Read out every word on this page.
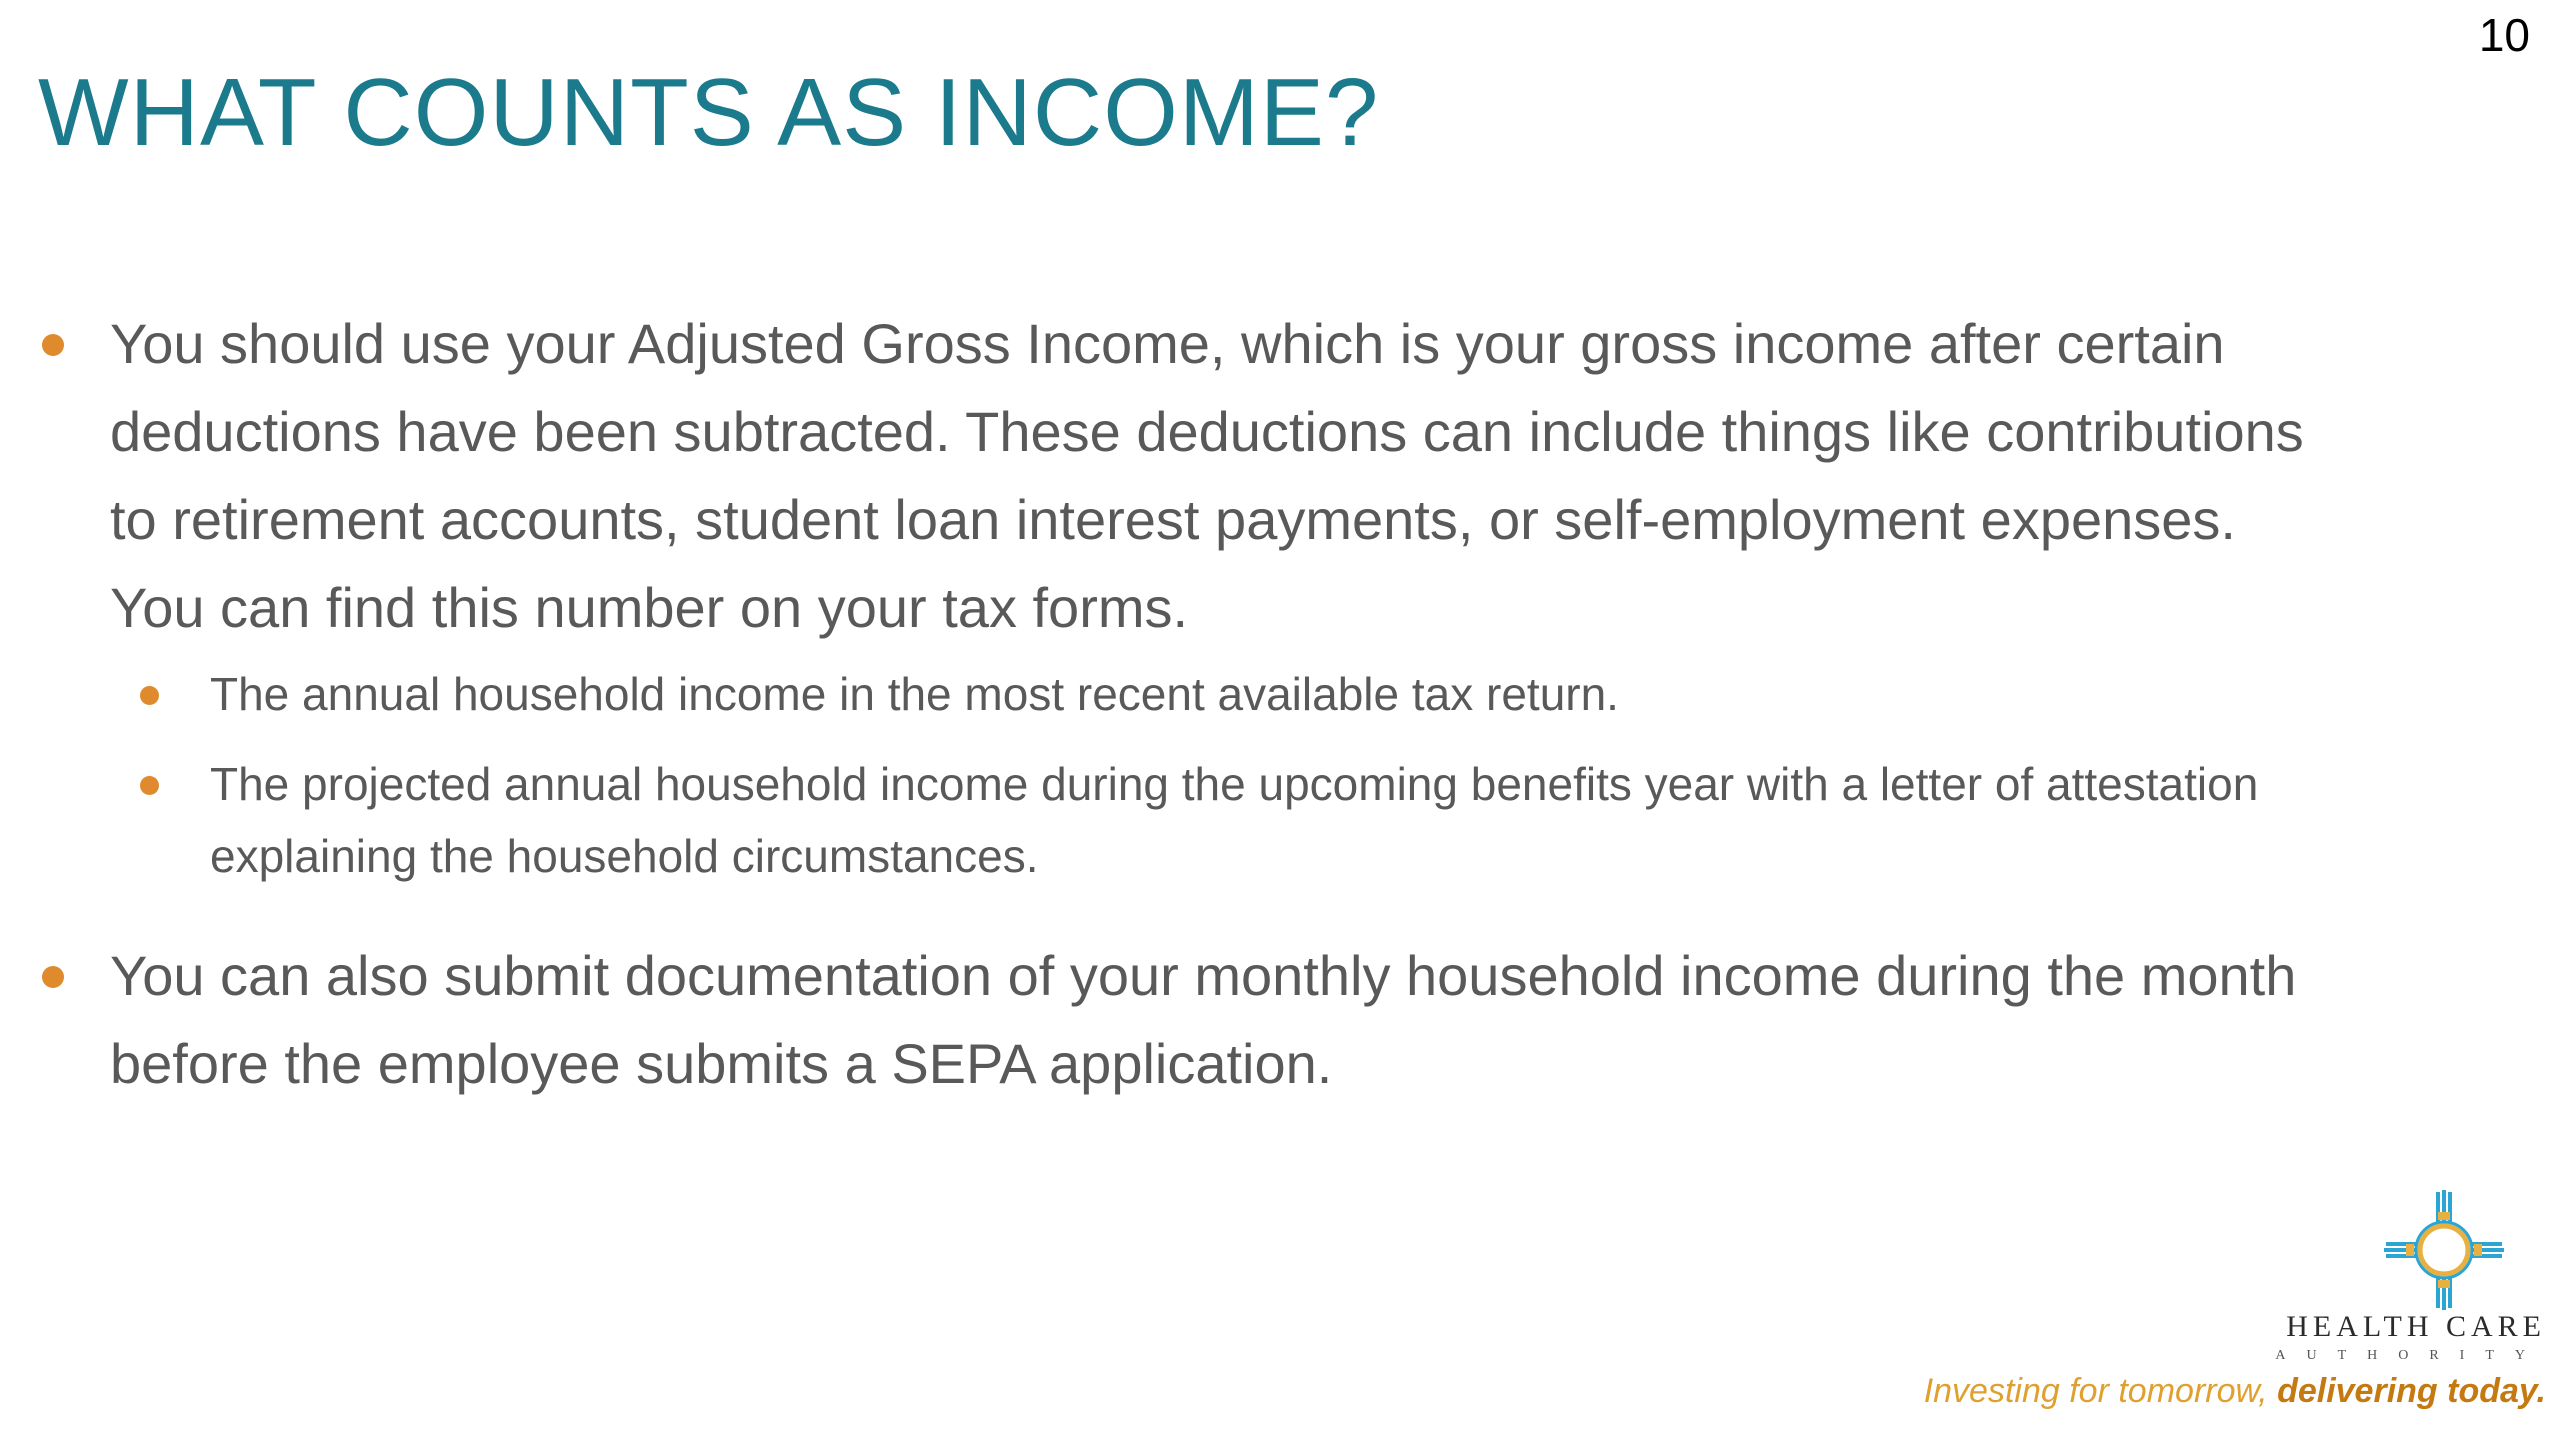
10
WHAT COUNTS AS INCOME?
You should use your Adjusted Gross Income, which is your gross income after certain deductions have been subtracted. These deductions can include things like contributions to retirement accounts, student loan interest payments, or self-employment expenses. You can find this number on your tax forms.
The annual household income in the most recent available tax return.
The projected annual household income during the upcoming benefits year with a letter of attestation explaining the household circumstances.
You can also submit documentation of your monthly household income during the month before the employee submits a SEPA application.
HEALTH CARE
AUTHORITY
Investing for tomorrow, delivering today.
